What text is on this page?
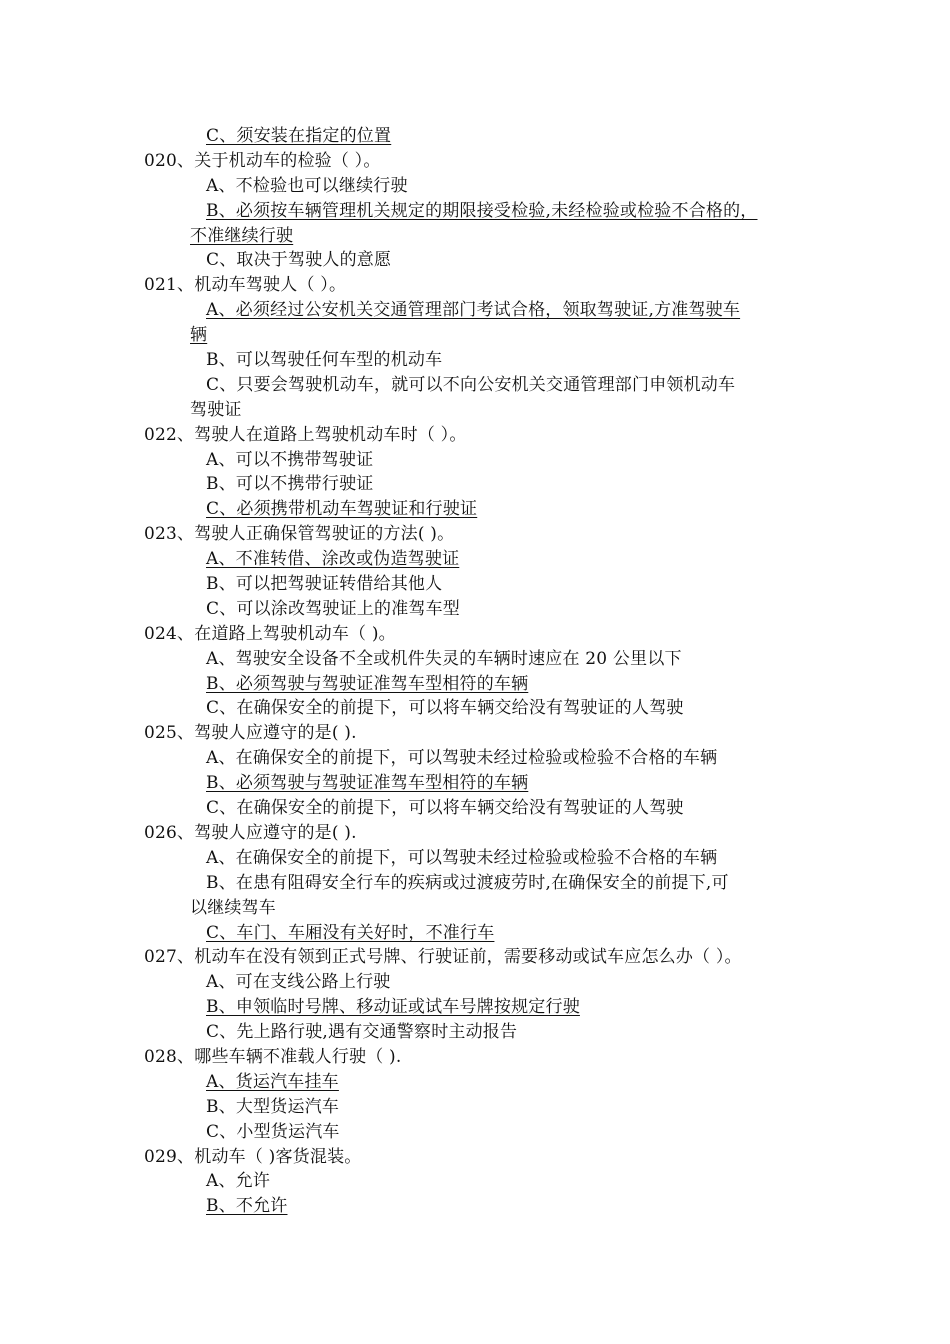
C、须安装在指定的位置
020、关于机动车的检验（ ）。
A、不检验也可以继续行驶
B、必须按车辆管理机关规定的期限接受检验,未经检验或检验不合格的，
不准继续行驶
C、取决于驾驶人的意愿
021、机动车驾驶人（ ）。
A、必须经过公安机关交通管理部门考试合格，领取驾驶证,方准驾驶车
辆
B、可以驾驶任何车型的机动车
C、只要会驾驶机动车，就可以不向公安机关交通管理部门申领机动车
驾驶证
022、驾驶人在道路上驾驶机动车时（ ）。
A、可以不携带驾驶证
B、可以不携带行驶证
C、必须携带机动车驾驶证和行驶证
023、驾驶人正确保管驾驶证的方法( )。
A、不准转借、涂改或伪造驾驶证
B、可以把驾驶证转借给其他人
C、可以涂改驾驶证上的准驾车型
024、在道路上驾驶机动车（ )。
A、驾驶安全设备不全或机件失灵的车辆时速应在 20 公里以下
B、必须驾驶与驾驶证准驾车型相符的车辆
C、在确保安全的前提下，可以将车辆交给没有驾驶证的人驾驶
025、驾驶人应遵守的是( ).
A、在确保安全的前提下，可以驾驶未经过检验或检验不合格的车辆
B、必须驾驶与驾驶证准驾车型相符的车辆
C、在确保安全的前提下，可以将车辆交给没有驾驶证的人驾驶
026、驾驶人应遵守的是( ).
A、在确保安全的前提下，可以驾驶未经过检验或检验不合格的车辆
B、在患有阻碍安全行车的疾病或过渡疲劳时,在确保安全的前提下,可
以继续驾车
C、车门、车厢没有关好时，不准行车
027、机动车在没有领到正式号牌、行驶证前，需要移动或试车应怎么办（ ）。
A、可在支线公路上行驶
B、申领临时号牌、移动证或试车号牌按规定行驶
C、先上路行驶,遇有交通警察时主动报告
028、哪些车辆不准载人行驶（ ).
A、货运汽车挂车
B、大型货运汽车
C、小型货运汽车
029、机动车（ )客货混装。
A、允许
B、不允许
